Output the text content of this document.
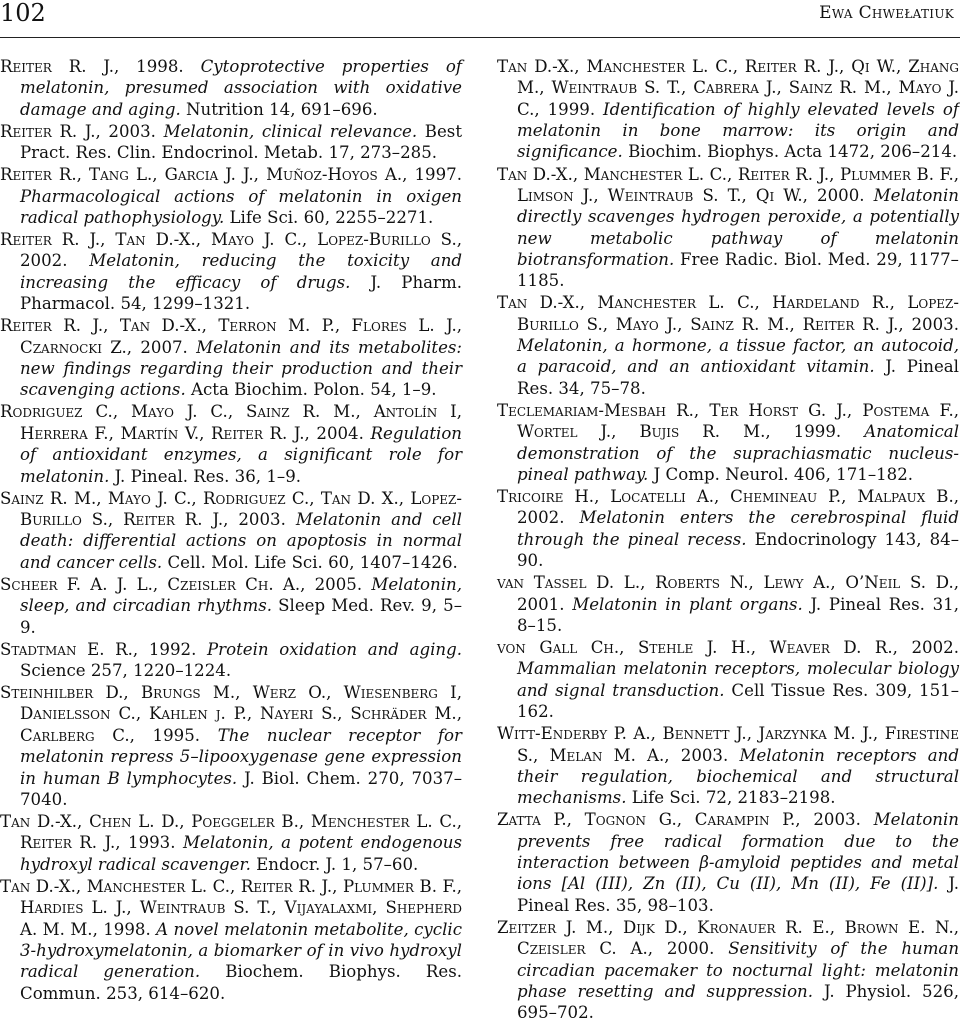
102	Ewa Chwełatiuk

Reiter R. J., 1998. Cytoprotective properties of melatonin, presumed association with oxidative damage and aging. Nutrition 14, 691–696.

Reiter R. J., 2003. Melatonin, clinical relevance. Best Pract. Res. Clin. Endocrinol. Metab. 17, 273–285.

Reiter R., Tang L., Garcia J. J., Muñoz-Hoyos A., 1997. Pharmacological actions of melatonin in oxigen radical pathophysiology. Life Sci. 60, 2255–2271.

Reiter R. J., Tan D.-X., Mayo J. C., Lopez-Burillo S., 2002. Melatonin, reducing the toxicity and increasing the efficacy of drugs. J. Pharm. Pharmacol. 54, 1299–1321.

Reiter R. J., Tan D.-X., Terron M. P., Flores L. J., Czarnocki Z., 2007. Melatonin and its metabolites: new findings regarding their production and their scavenging actions. Acta Biochim. Polon. 54, 1–9.

Rodriguez C., Mayo J. C., Sainz R. M., Antolín I, Herrera F., Martín V., Reiter R. J., 2004. Regulation of antioxidant enzymes, a significant role for melatonin. J. Pineal. Res. 36, 1–9.

Sainz R. M., Mayo J. C., Rodriguez C., Tan D. X., Lopez-Burillo S., Reiter R. J., 2003. Melatonin and cell death: differential actions on apoptosis in normal and cancer cells. Cell. Mol. Life Sci. 60, 1407–1426.

Scheer F. A. J. L., Czeisler Ch. A., 2005. Melatonin, sleep, and circadian rhythms. Sleep Med. Rev. 9, 5–9.

Stadtman E. R., 1992. Protein oxidation and aging. Science 257, 1220–1224.

Steinhilber D., Brungs M., Werz O., Wiesenberg I, Danielsson C., Kahlen j. P., Nayeri S., Schräder M., Carlberg C., 1995. The nuclear receptor for melatonin repress 5–lipooxygenase gene expression in human B lymphocytes. J. Biol. Chem. 270, 7037–7040.

Tan D.-X., Chen L. D., Poeggeler B., Menchester L. C., Reiter R. J., 1993. Melatonin, a potent endogenous hydroxyl radical scavenger. Endocr. J. 1, 57–60.

Tan D.-X., Manchester L. C., Reiter R. J., Plummer B. F., Hardies L. J., Weintraub S. T., Vijayalaxmi, Shepherd A. M. M., 1998. A novel melatonin metabolite, cyclic 3-hydroxymelatonin, a biomarker of in vivo hydroxyl radical generation. Biochem. Biophys. Res. Commun. 253, 614–620.

Tan D.-X., Manchester L. C., Reiter R. J., Qi W., Zhang M., Weintraub S. T., Cabrera J., Sainz R. M., Mayo J. C., 1999. Identification of highly elevated levels of melatonin in bone marrow: its origin and significance. Biochim. Biophys. Acta 1472, 206–214.

Tan D.-X., Manchester L. C., Reiter R. J., Plummer B. F., Limson J., Weintraub S. T., Qi W., 2000. Melatonin directly scavenges hydrogen peroxide, a potentially new metabolic pathway of melatonin biotransformation. Free Radic. Biol. Med. 29, 1177–1185.

Tan D.-X., Manchester L. C., Hardeland R., Lopez-Burillo S., Mayo J., Sainz R. M., Reiter R. J., 2003. Melatonin, a hormone, a tissue factor, an autocoid, a paracoid, and an antioxidant vitamin. J. Pineal Res. 34, 75–78.

Teclemariam-Mesbah R., Ter Horst G. J., Postema F., Wortel J., Bujis R. M., 1999. Anatomical demonstration of the suprachiasmatic nucleus-pineal pathway. J Comp. Neurol. 406, 171–182.

Tricoire H., Locatelli A., Chemineau P., Malpaux B., 2002. Melatonin enters the cerebrospinal fluid through the pineal recess. Endocrinology 143, 84–90.

van Tassel D. L., Roberts N., Lewy A., O’Neil S. D., 2001. Melatonin in plant organs. J. Pineal Res. 31, 8–15.

von Gall Ch., Stehle J. H., Weaver D. R., 2002. Mammalian melatonin receptors, molecular biology and signal transduction. Cell Tissue Res. 309, 151–162.

Witt-Enderby P. A., Bennett J., Jarzynka M. J., Firestine S., Melan M. A., 2003. Melatonin receptors and their regulation, biochemical and structural mechanisms. Life Sci. 72, 2183–2198.

Zatta P., Tognon G., Carampin P., 2003. Melatonin prevents free radical formation due to the interaction between β-amyloid peptides and metal ions [Al (III), Zn (II), Cu (II), Mn (II), Fe (II)]. J. Pineal Res. 35, 98–103.

Zeitzer J. M., Dijk D., Kronauer R. E., Brown E. N., Czeisler C. A., 2000. Sensitivity of the human circadian pacemaker to nocturnal light: melatonin phase resetting and suppression. J. Physiol. 526, 695–702.
